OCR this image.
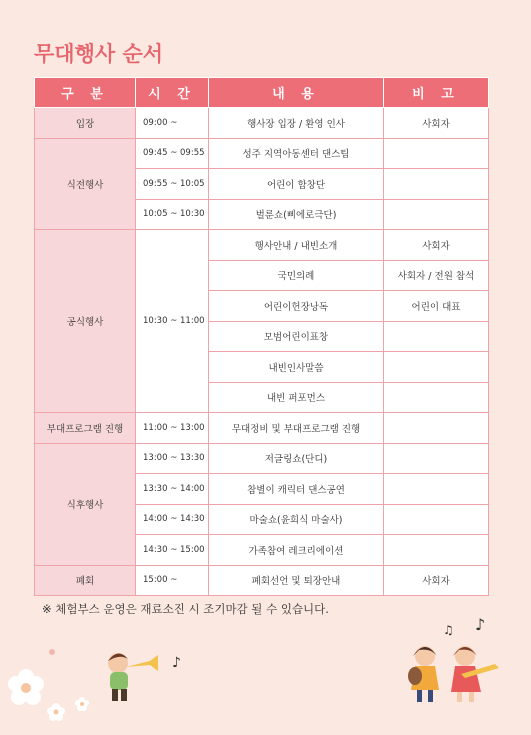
무대행사 순서
구 분	시 간	내 용	비 고
입장	09:00 ~	행사장 입장 / 환영 인사	사회자
식전행사	09:45 ~ 09:55	성주 지역아동센터 댄스팀	
	09:55 ~ 10:05	어린이 합창단	
	10:05 ~ 10:30	벌룬쇼(삐에로극단)	
공식행사	10:30 ~ 11:00	행사안내 / 내빈소개	사회자
		국민의례	사회자 / 전원 참석
		어린이헌장낭독	어린이 대표
		모범어린이표창	
		내빈인사말씀	
		내빈 퍼포먼스	
부대프로그램 진행	11:00 ~ 13:00	무대정비 및 부대프로그램 진행	
식후행사	13:00 ~ 13:30	저글링쇼(단디)	
	13:30 ~ 14:00	참별이 캐릭터 댄스공연	
	14:00 ~ 14:30	마술쇼(윤희식 마술사)	
	14:30 ~ 15:00	가족참여 레크리에이션	
폐회	15:00 ~	폐회선언 및 퇴장안내	사회자
※ 체험부스 운영은 재료소진 시 조기마감 될 수 있습니다.
♪
♫ ♪
